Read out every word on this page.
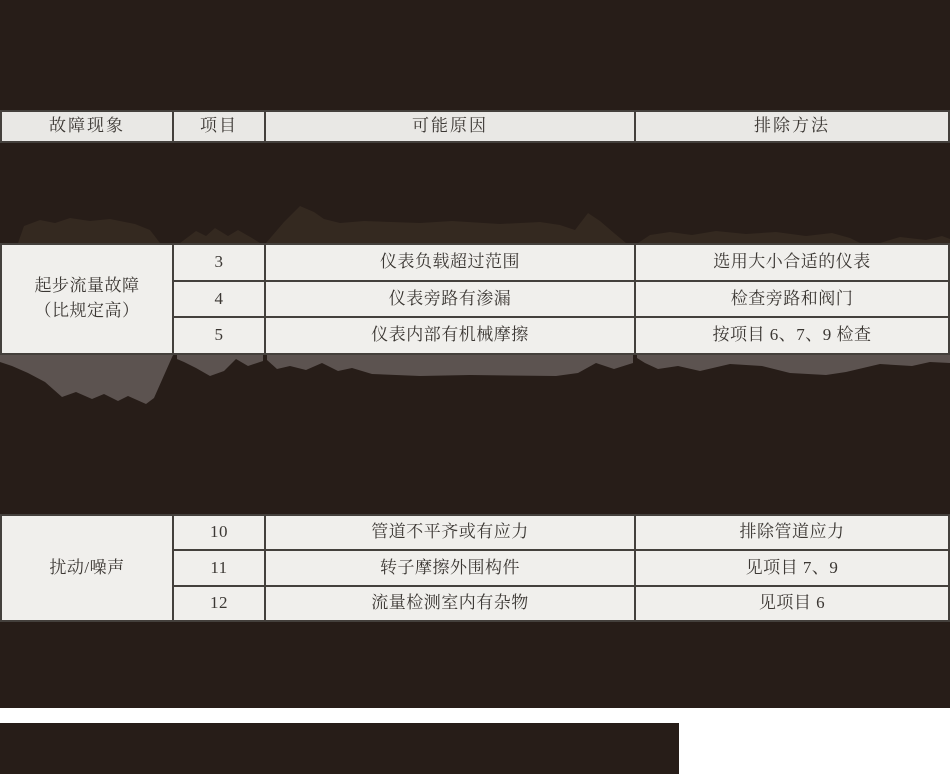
故障现象	项目	可能原因	排除方法
起步流量故障
（比规定高）
3	仪表负载超过范围	选用大小合适的仪表
4	仪表旁路有渗漏	检查旁路和阀门
5	仪表内部有机械摩擦	按项目 6、7、9 检查
扰动/噪声
10	管道不平齐或有应力	排除管道应力
11	转子摩擦外围构件	见项目 7、9
12	流量检测室内有杂物	见项目 6
